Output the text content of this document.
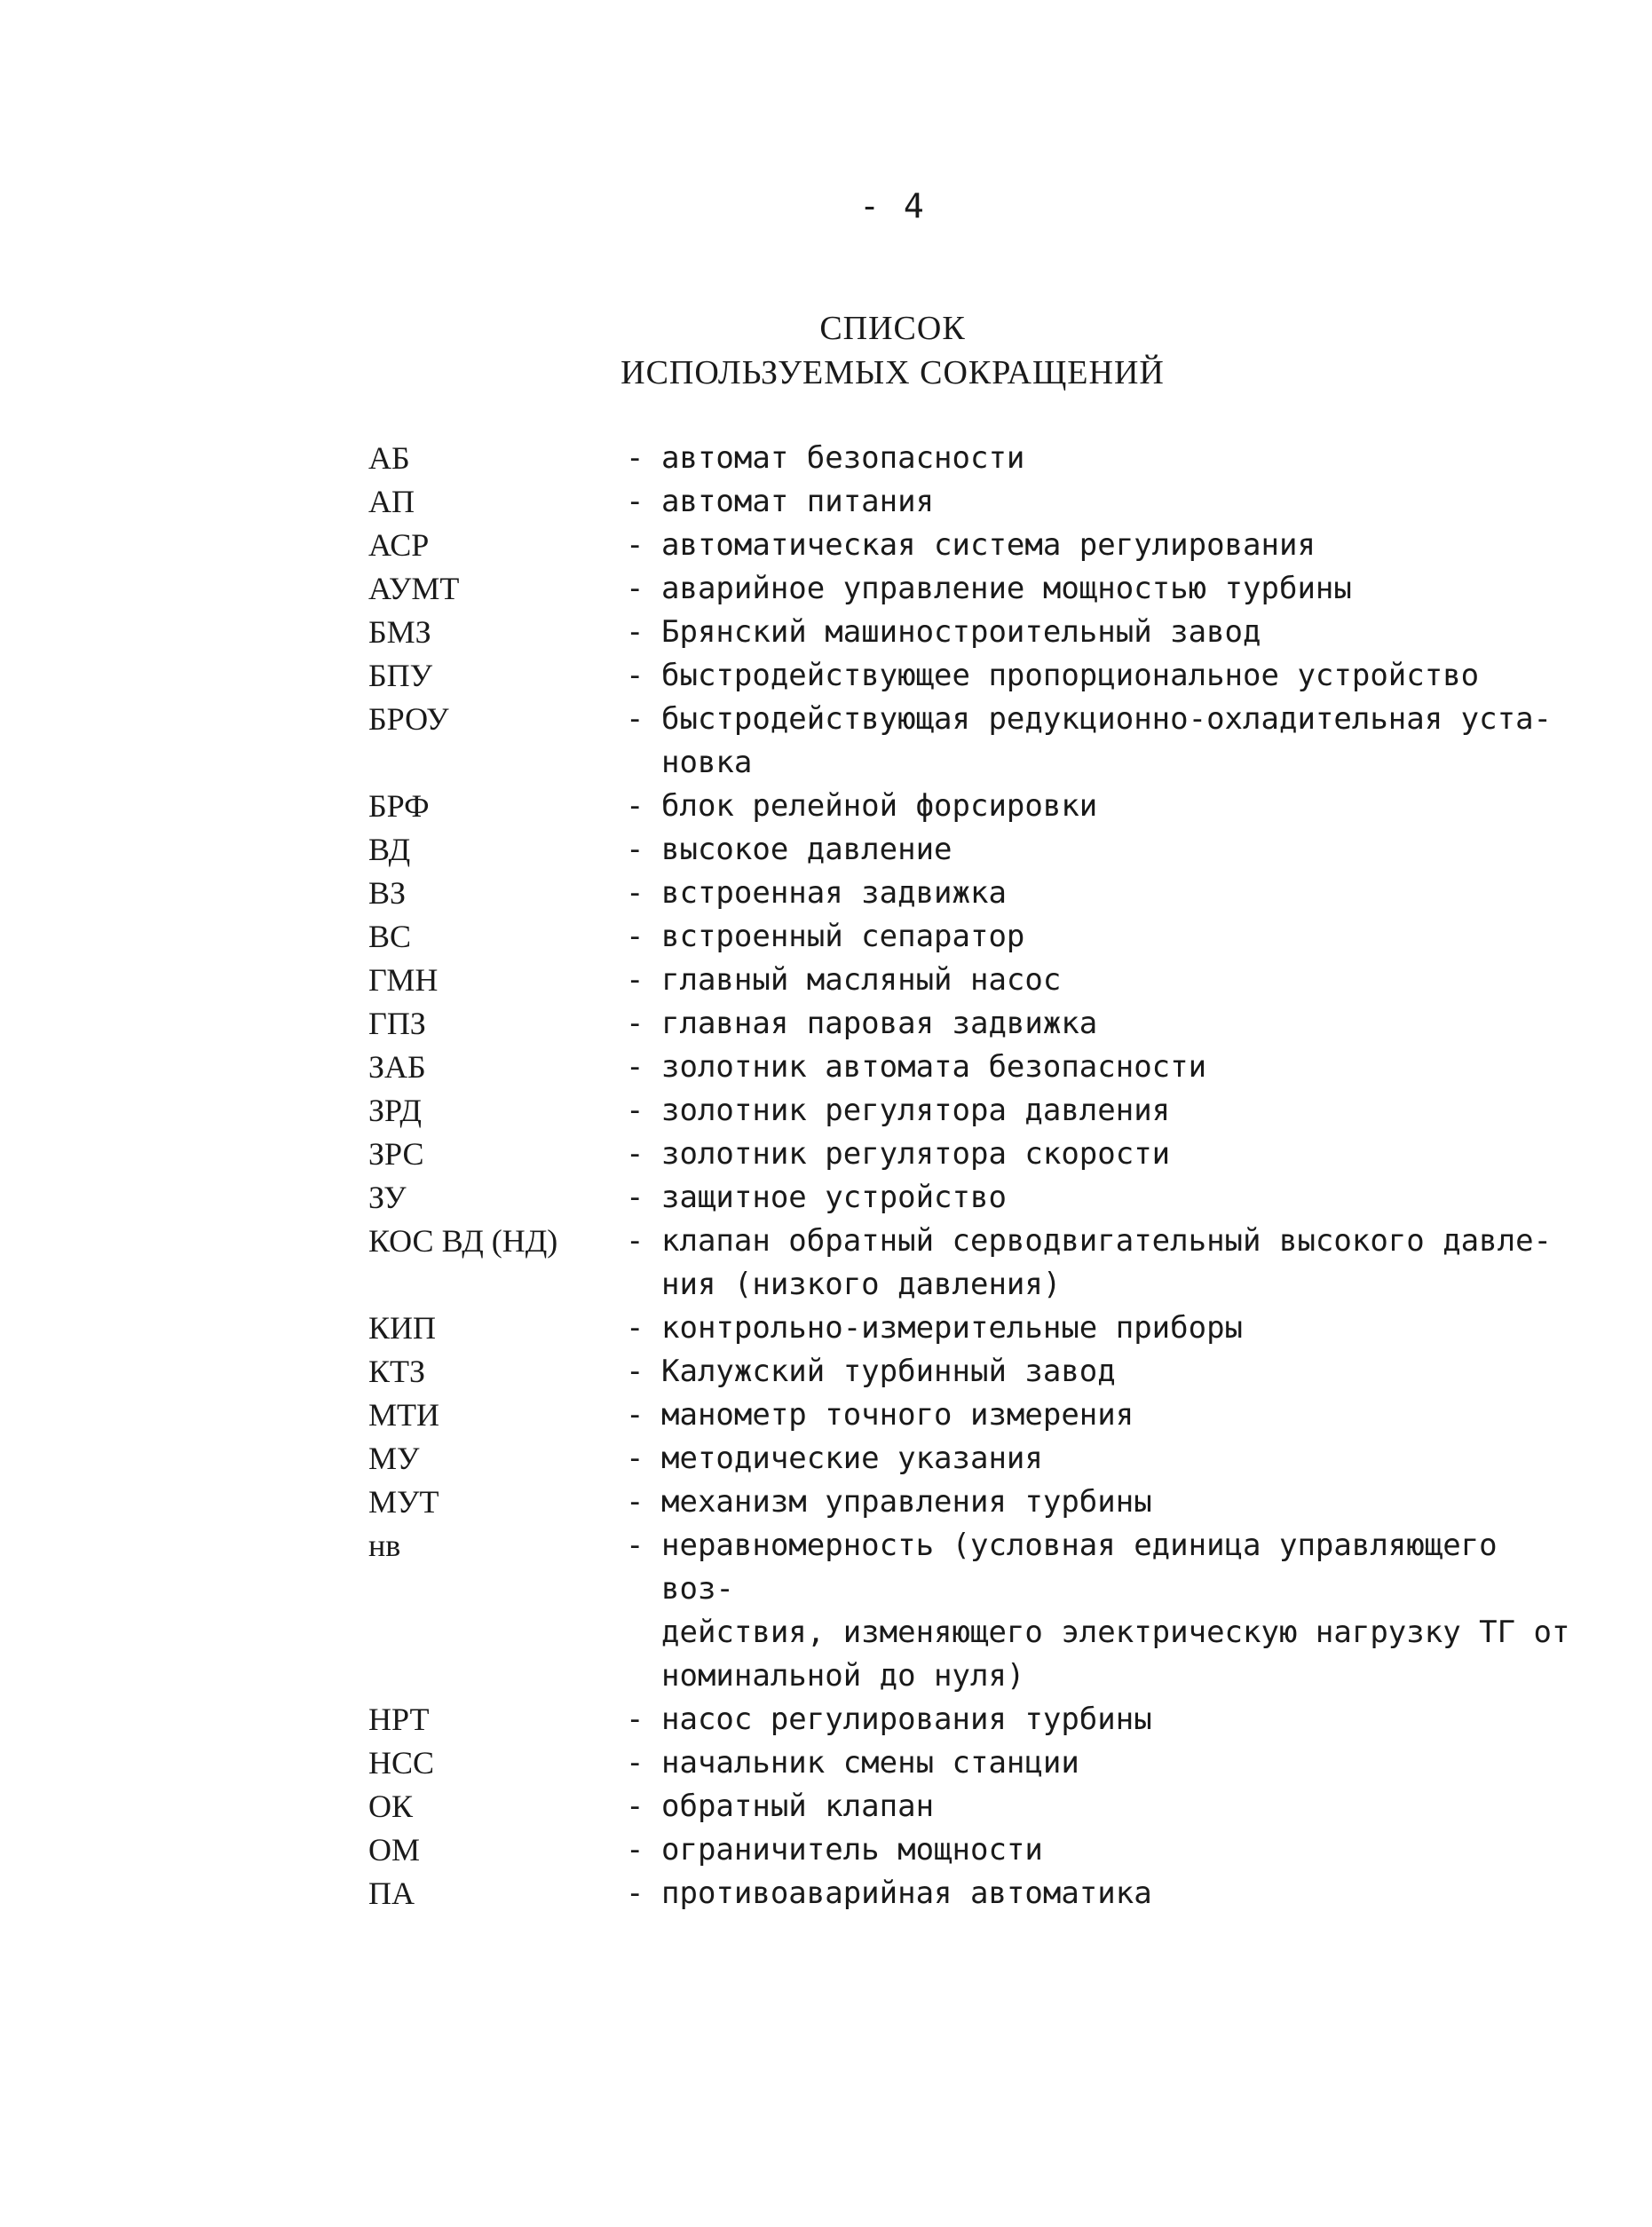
- 4
СПИСОК
ИСПОЛЬЗУЕМЫХ СОКРАЩЕНИЙ
АБ	- автомат безопасности
АП	- автомат питания
АСР	- автоматическая система регулирования
АУМТ	- аварийное управление мощностью турбины
БМЗ	- Брянский машиностроительный завод
БПУ	- быстродействующее пропорциональное устройство
БРОУ	- быстродействующая редукционно-охладительная уста-
новка
БРФ	- блок релейной форсировки
ВД	- высокое давление
ВЗ	- встроенная задвижка
ВС	- встроенный сепаратор
ГМН	- главный масляный насос
ГПЗ	- главная паровая задвижка
ЗАБ	- золотник автомата безопасности
ЗРД	- золотник регулятора давления
ЗРС	- золотник регулятора скорости
ЗУ	- защитное устройство
КОС ВД (НД)	- клапан обратный серводвигательный высокого давле-
ния (низкого давления)
КИП	- контрольно-измерительные приборы
КТЗ	- Калужский турбинный завод
МТИ	- манометр точного измерения
МУ	- методические указания
МУТ	- механизм управления турбины
нв	- неравномерность (условная единица управляющего воз-
действия, изменяющего электрическую нагрузку ТГ от
номинальной до нуля)
НРТ	- насос регулирования турбины
НСС	- начальник смены станции
ОК	- обратный клапан
ОМ	- ограничитель мощности
ПА	- противоаварийная автоматика
